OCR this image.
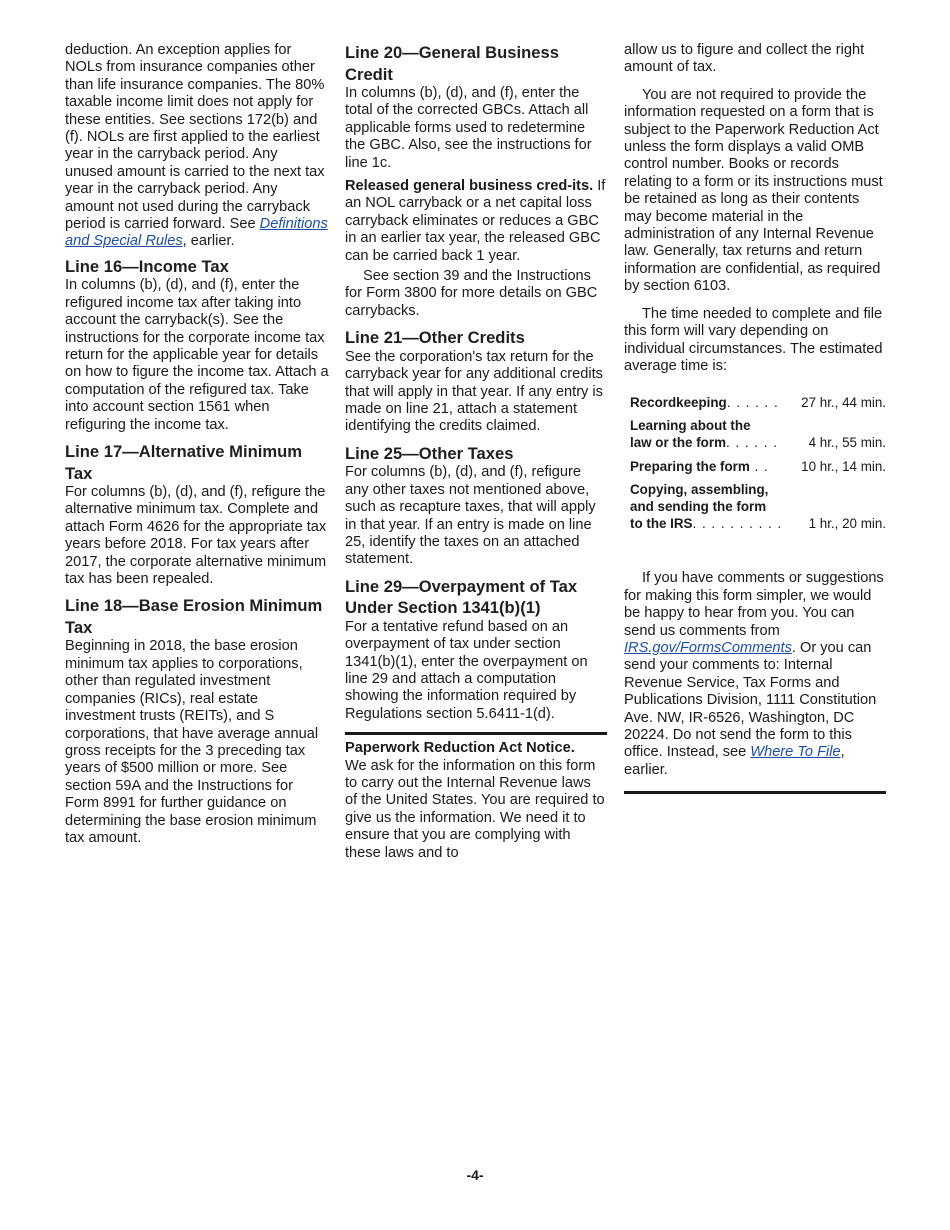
deduction. An exception applies for NOLs from insurance companies other than life insurance companies. The 80% taxable income limit does not apply for these entities. See sections 172(b) and (f). NOLs are first applied to the earliest year in the carryback period. Any unused amount is carried to the next tax year in the carryback period. Any amount not used during the carryback period is carried forward. See Definitions and Special Rules, earlier.

Line 16—Income Tax

In columns (b), (d), and (f), enter the refigured income tax after taking into account the carryback(s). See the instructions for the corporate income tax return for the applicable year for details on how to figure the income tax. Attach a computation of the refigured tax. Take into account section 1561 when refiguring the income tax.

Line 17—Alternative Minimum Tax

For columns (b), (d), and (f), refigure the alternative minimum tax. Complete and attach Form 4626 for the appropriate tax years before 2018. For tax years after 2017, the corporate alternative minimum tax has been repealed.

Line 18—Base Erosion Minimum Tax

Beginning in 2018, the base erosion minimum tax applies to corporations, other than regulated investment companies (RICs), real estate investment trusts (REITs), and S corporations, that have average annual gross receipts for the 3 preceding tax years of $500 million or more. See section 59A and the Instructions for Form 8991 for further guidance on determining the base erosion minimum tax amount.

Line 20—General Business Credit

In columns (b), (d), and (f), enter the total of the corrected GBCs. Attach all applicable forms used to redetermine the GBC. Also, see the instructions for line 1c.

Released general business cred-its. If an NOL carryback or a net capital loss carryback eliminates or reduces a GBC in an earlier tax year, the released GBC can be carried back 1 year.

See section 39 and the Instructions for Form 3800 for more details on GBC carrybacks.

Line 21—Other Credits

See the corporation's tax return for the carryback year for any additional credits that will apply in that year. If any entry is made on line 21, attach a statement identifying the credits claimed.

Line 25—Other Taxes

For columns (b), (d), and (f), refigure any other taxes not mentioned above, such as recapture taxes, that will apply in that year. If an entry is made on line 25, identify the taxes on an attached statement.

Line 29—Overpayment of Tax Under Section 1341(b)(1)

For a tentative refund based on an overpayment of tax under section 1341(b)(1), enter the overpayment on line 29 and attach a computation showing the information required by Regulations section 5.6411-1(d).

Paperwork Reduction Act Notice.

We ask for the information on this form to carry out the Internal Revenue laws of the United States. You are required to give us the information. We need it to ensure that you are complying with these laws and to

allow us to figure and collect the right amount of tax.

You are not required to provide the information requested on a form that is subject to the Paperwork Reduction Act unless the form displays a valid OMB control number. Books or records relating to a form or its instructions must be retained as long as their contents may become material in the administration of any Internal Revenue law. Generally, tax returns and return information are confidential, as required by section 6103.

The time needed to complete and file this form will vary depending on individual circumstances. The estimated average time is:

Recordkeeping. . . . . .	27 hr., 44 min.
Learning about the
law or the form. . . . . .	4 hr., 55 min.
Preparing the form . .	10 hr., 14 min.
Copying, assembling,
and sending the form
to the IRS. . . . . . . . . .	1 hr., 20 min.

If you have comments or suggestions for making this form simpler, we would be happy to hear from you. You can send us comments from IRS.gov/FormsComments. Or you can send your comments to: Internal Revenue Service, Tax Forms and Publications Division, 1111 Constitution Ave. NW, IR-6526, Washington, DC 20224. Do not send the form to this office. Instead, see Where To File, earlier.

-4-
